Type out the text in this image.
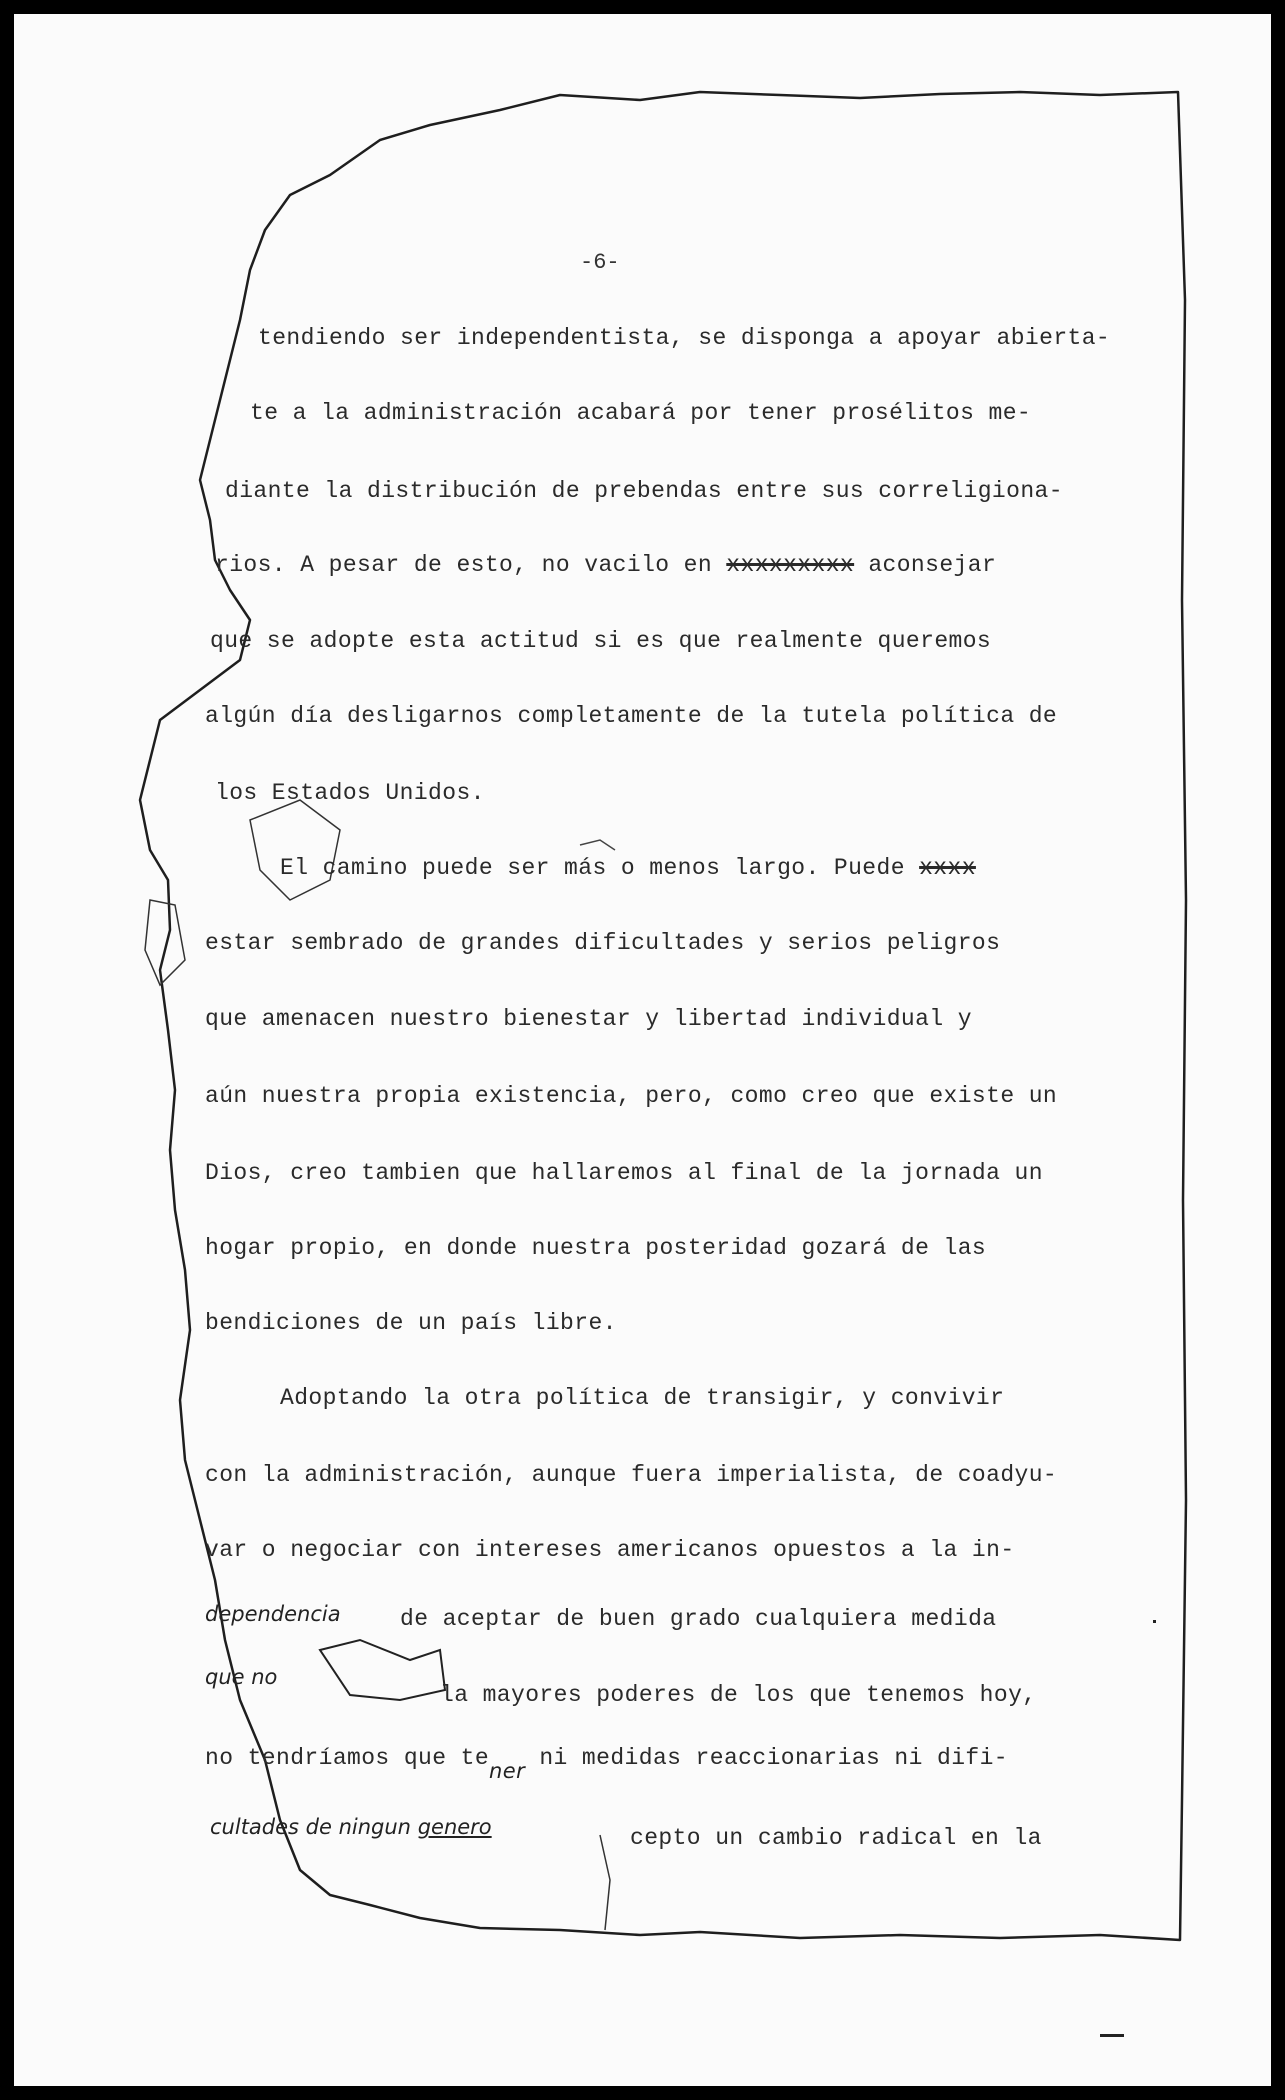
-6-
tendiendo ser independentista, se disponga a apoyar abierta-
te a la administración acabará por tener prosélitos me-
diante la distribución de prebendas entre sus correligiona-
rios. A pesar de esto, no vacilo en xxxxxxxxx aconsejar
que se adopte esta actitud si es que realmente queremos
algún día desligarnos completamente de la tutela política de
los Estados Unidos.
El camino puede ser más o menos largo. Puede xxxx
estar sembrado de grandes dificultades y serios peligros
que amenacen nuestro bienestar y libertad individual y
aún nuestra propia existencia, pero, como creo que existe un
Dios, creo tambien que hallaremos al final de la jornada un
hogar propio, en donde nuestra posteridad gozará de las
bendiciones de un país libre.
Adoptando la otra política de transigir, y convivir
con la administración, aunque fuera imperialista, de coadyu-
var o negociar con intereses americanos opuestos a la in-
dependencia	de aceptar de buen grado cualquiera medida
que no
la mayores poderes de los que tenemos hoy,
no tendríamos que tener ni medidas reaccionarias ni difi-
cultades de ningun genero	cepto un cambio radical en la
